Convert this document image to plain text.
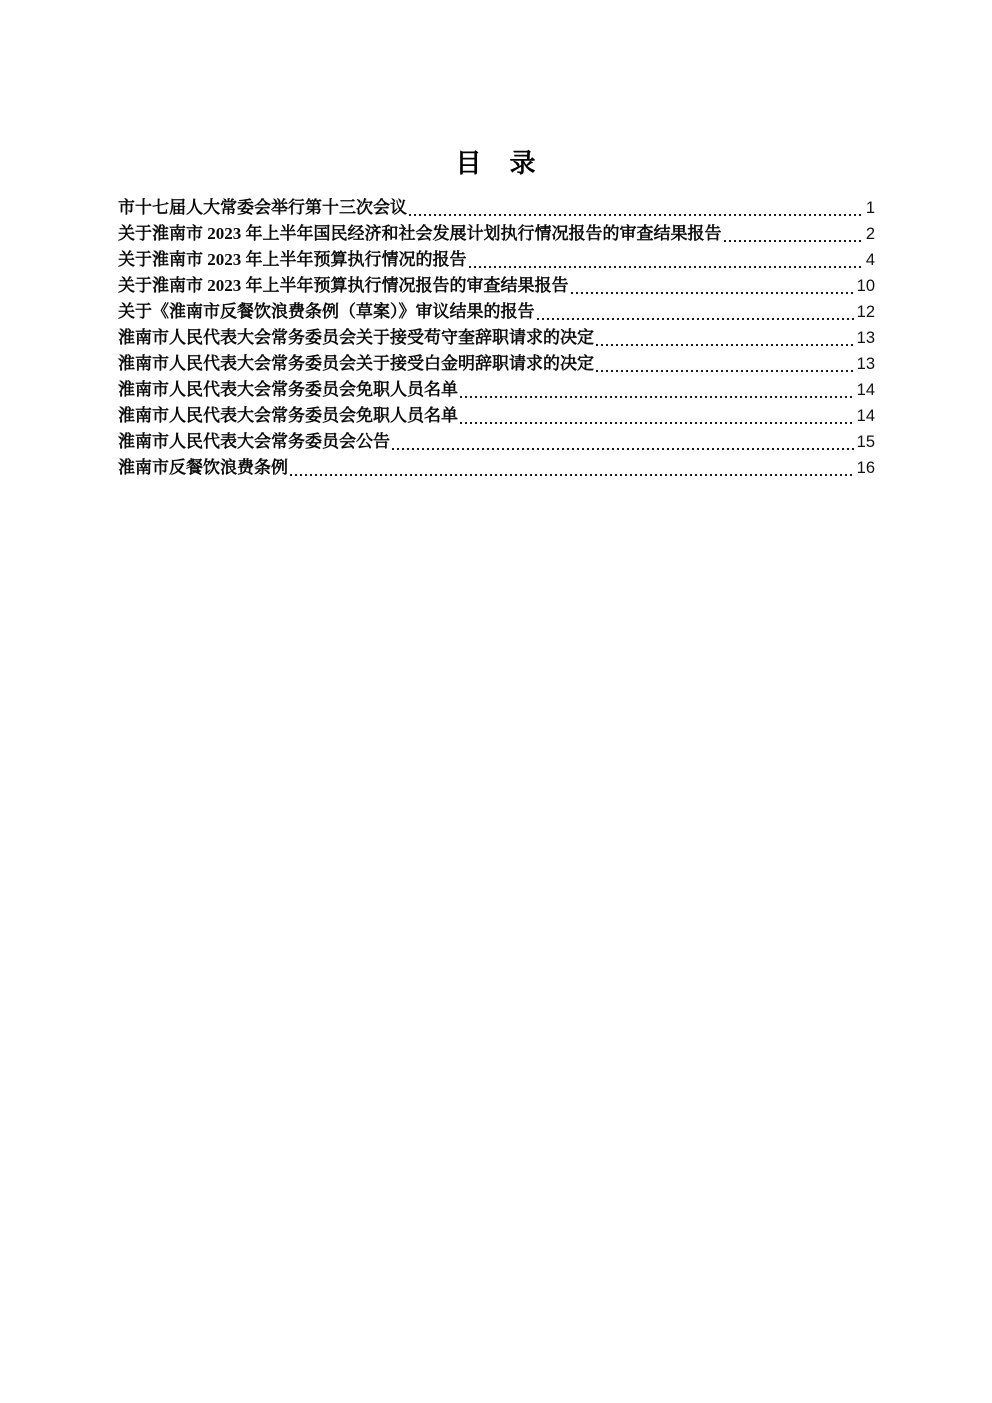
目　录
市十七届人大常委会举行第十三次会议	1
关于淮南市 2023 年上半年国民经济和社会发展计划执行情况报告的审查结果报告	2
关于淮南市 2023 年上半年预算执行情况的报告	4
关于淮南市 2023 年上半年预算执行情况报告的审查结果报告	10
关于《淮南市反餐饮浪费条例（草案）》审议结果的报告	12
淮南市人民代表大会常务委员会关于接受苟守奎辞职请求的决定	13
淮南市人民代表大会常务委员会关于接受白金明辞职请求的决定	13
淮南市人民代表大会常务委员会免职人员名单	14
淮南市人民代表大会常务委员会免职人员名单	14
淮南市人民代表大会常务委员会公告	15
淮南市反餐饮浪费条例	16
